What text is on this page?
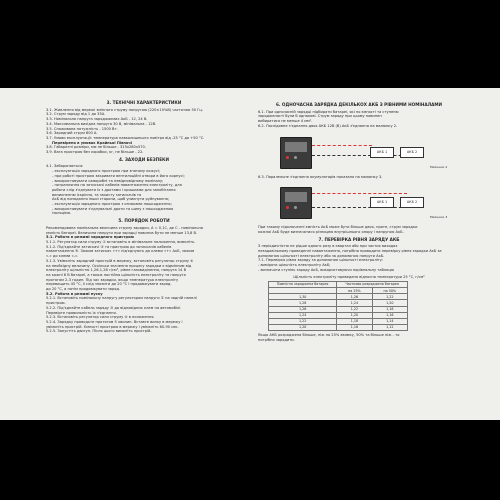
3. ТЕХНІЧНІ ХАРАКТЕРИСТИКИ
3.1. Живлення від мережі змінного струму напругою (220±10%В) частотою 50 Гц.
3.2. Струм заряду від 1 до 35А.
3.3. Номінальна напруга заряджаємих АкБ - 12, 24 В.
3.4. Максимальна вихідна напруга 30 В, мінімальна - 12В.
3.5. Споживана потужність - 1500 Вт.
3.6. Зарядний струм 800 А.
3.7. Умови експлуатації: температура навколишнього повітря від -25 °С до +50 °С.
Перевірено в умовах Крайньої Півночі
3.8. Габаритні розміри, мм не більше - 315х280х570.
3.9. Вага пристрою без коробки, кг, не більше - 22.
4. ЗАХОДИ БЕЗПЕКИ
4.1. Забороняється:
- експлуатація зарядного пристрою при знятому кожусі;
- при роботі пристрою закривати вентиляційні отвори в його корпусі;
- використовувати саморобні та невідповідному номіналу;
- потрапляння на затискачі кабелів навантаження електроліту, для
роботи слід з'єднувати їх з дротами і кришками для запобігання
виникненню іскріння, та захисту затискачів та
АкБ від попадання іншої сторони, щоб уникнути руйнування;
- експлуатація зарядного пристрою з ознаками пошкодження;
- використовувати з'єднувальні дроти та шину з пошкодженою
ізоляцією.
5. ПОРЯДОК РОБОТИ
Рекомендована номінальна величина струму зарядки, А = 0,1С, де С - номінальна
ємність батареї. Величина напруги при зарядці повинна бути не менше 13,8 В.
5.1. Робота в режимі зарядного пристрою
5.1.1. Регулятор сили струму ① встановіть в мінімальне положення, вимкніть.
5.1.2. Під'єднайте затискачі ③ та пристрою до затискачів кабелів
навантаження ⑤. Зажим затискач «+» під'єднують до клеми «+» АкБ, зажим
«-» до клеми «-».
5.1.3. Увімкніть зарядний пристрій в мережу, встановіть регулятор струму ④
на необхідну величину. Оскільки значення процесу зарядки є відмінним від
електроліту щільністю 1,26-1,28 г/см³, рівне газовиділення, напруга 14 В
на кожні 6 В батареї, а також постійна щільність електроліту та напруга
протягом 2-3 годин. Під час зарядки, якщо температура електроліту
перевищить 45 °С, її слід знизити до 20 °С і продовжувати заряд.
до 20 °С, а потім продовжувати заряд.
5.2. Робота в режимі пуску
5.2.1. Встановіть номінальну напругу регулятором напруги ② на задній панелі
пристрою.
5.2.2. Під'єднайте кабель заряду ③ до відповідних клем на автомобілі.
Перевірте правильність їх з'єднання.
5.2.3. Встановіть регулятор сили струму ④ в положення.
5.2.4. Зарядку проводьте протягом 5 хвилин. Вставте вилку в мережу і
увімкніть пристрій. Ємності пристрою в мережу і увімкніть 60-90 сек.
5.2.5. Запустіть двигун. Після цього вимкніть пристрій.
6. ОДНОЧАСНА ЗАРЯДКА ДЕКІЛЬКОХ АКБ З РІВНИМИ НОМІНАЛАМИ
6.1. При одночасній зарядці підбирати батареї, які по ємності та ступеню
зарядженості були б однакові. Струм заряду при цьому повинен
вибиратися не менше 4 мм².
6.2. Послідовне з'єднання двох АКБ 12В (В) АкБ з'єднання на малюнку 2.
АКБ 1	АКБ 2
Малюнок 2
6.3. Паралельне з'єднання акумуляторів показано на малюнку 3.
АКБ 1	АКБ 2
Малюнок 3
При такому підключенні ємність АкБ може бути більше двох, проте, струм зарядки
кожної АкБ буде визначатися різницею внутрішнього опору і напругою АкБ.
7. ПЕРЕВІРКА РІВНЯ ЗАРЯДУ АКБ
З періодичністю не рідше одного разу в квартал або при частих виходах
незадовільному проведенні навантаження, потрібно проводити перевірку рівня зарядки АкБ за
допомогою щільності електроліту або за допомогою напруги АкБ.
7.1. Перевірка рівня заряду за допомогою щільності електроліту:
- виміряти щільність електроліту АкБ;
- визначити ступінь заряду АкБ, використовуючи порівняльну таблицю
Щільність електроліту приведена відносно температури 25 °С, г/см³
Повністю заряджена батарея	Частково розряджена батарея	
	на 25%	на 50%
1,30	1,26	1,22
1,28	1,24	1,20
1,26	1,22	1,18
1,24	1,20	1,16
1,22	1,18	1,14
1,20	1,16	1,12
Якщо АКБ розряджена більше, ніж на 25% взимку, 50% та більше ніж - то
потрібно зарядити.
